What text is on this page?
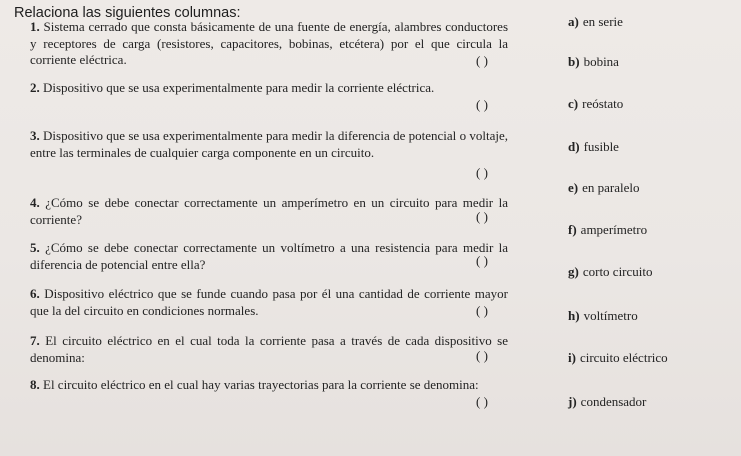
Relaciona las siguientes columnas:
1. Sistema cerrado que consta básicamente de una fuente de energía, alambres conductores y receptores de carga (resistores, capacitores, bobinas, etcétera) por el que circula la corriente eléctrica.	( )
2. Dispositivo que se usa experimentalmente para medir la corriente eléctrica.
( )
3. Dispositivo que se usa experimentalmente para medir la diferencia de potencial o voltaje, entre las terminales de cualquier carga componente en un circuito.
( )
4. ¿Cómo se debe conectar correctamente un amperímetro en un circuito para medir la corriente?	( )
5. ¿Cómo se debe conectar correctamente un voltímetro a una resistencia para medir la diferencia de potencial entre ella?	( )
6. Dispositivo eléctrico que se funde cuando pasa por él una cantidad de corriente mayor que la del circuito en condiciones normales.	( )
7. El circuito eléctrico en el cual toda la corriente pasa a través de cada dispositivo se denomina:	( )
8. El circuito eléctrico en el cual hay varias trayectorias para la corriente se denomina:
( )
a) en serie
b) bobina
c) reóstato
d) fusible
e) en paralelo
f) amperímetro
g) corto circuito
h) voltímetro
i) circuito eléctrico
j) condensador
